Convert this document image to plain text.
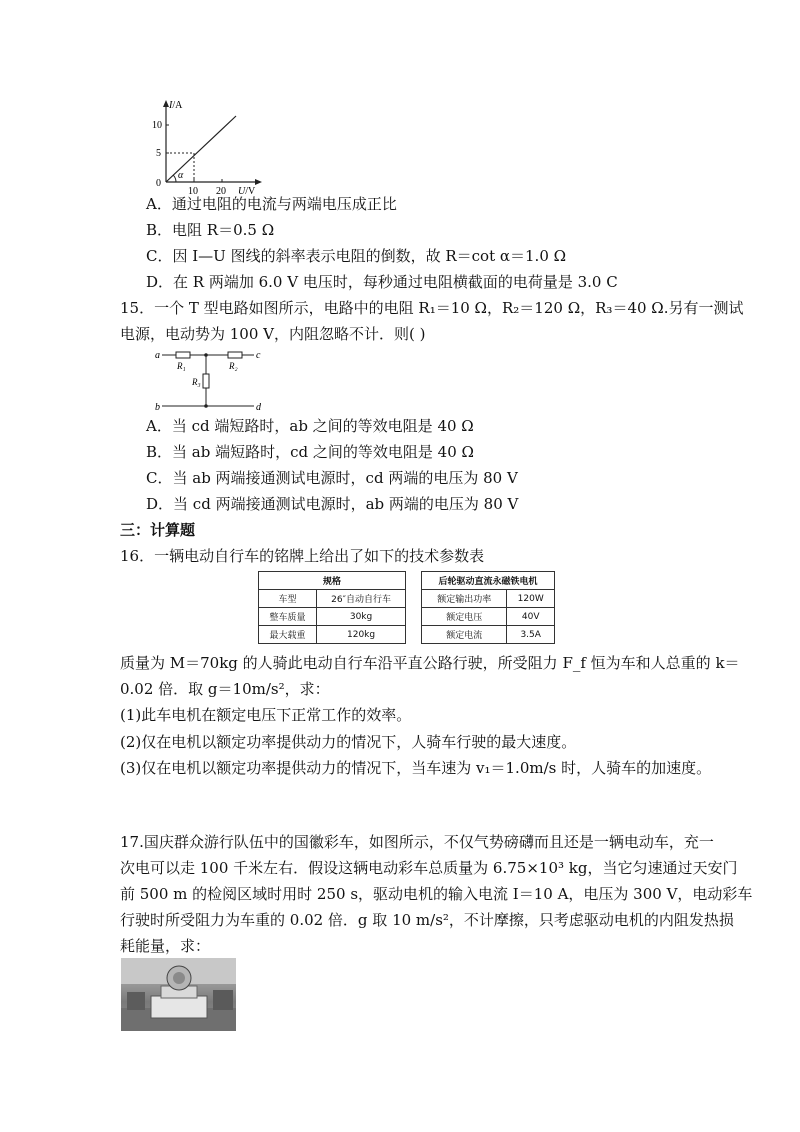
I/A
10
5
0
α
10 20 U/V
A．通过电阻的电流与两端电压成正比
B．电阻 R＝0.5 Ω
C．因 I—U 图线的斜率表示电阻的倒数，故 R＝cot α＝1.0 Ω
D．在 R 两端加 6.0 V 电压时，每秒通过电阻横截面的电荷量是 3.0 C
15．一个 T 型电路如图所示，电路中的电阻 R₁＝10 Ω，R₂＝120 Ω，R₃＝40 Ω.另有一测试
电源，电动势为 100 V，内阻忽略不计．则( )
a	c
b	d
R₁	R₂
R₃
A．当 cd 端短路时，ab 之间的等效电阻是 40 Ω
B．当 ab 端短路时，cd 之间的等效电阻是 40 Ω
C．当 ab 两端接通测试电源时，cd 两端的电压为 80 V
D．当 cd 两端接通测试电源时，ab 两端的电压为 80 V
三：计算题
16．一辆电动自行车的铭牌上给出了如下的技术参数表
规格	
车型	26″自动自行车
整车质量	30kg
最大载重	120kg
后轮驱动直流永磁铁电机	
额定输出功率	120W
额定电压	40V
额定电流	3.5A
质量为 M＝70kg 的人骑此电动自行车沿平直公路行驶，所受阻力 F_f 恒为车和人总重的 k＝
0.02 倍．取 g＝10m/s²，求：
(1)此车电机在额定电压下正常工作的效率。
(2)仅在电机以额定功率提供动力的情况下，人骑车行驶的最大速度。
(3)仅在电机以额定功率提供动力的情况下，当车速为 v₁＝1.0m/s 时，人骑车的加速度。
17.国庆群众游行队伍中的国徽彩车，如图所示，不仅气势磅礴而且还是一辆电动车，充一
次电可以走 100 千米左右．假设这辆电动彩车总质量为 6.75×10³ kg，当它匀速通过天安门
前 500 m 的检阅区域时用时 250 s，驱动电机的输入电流 I＝10 A，电压为 300 V，电动彩车
行驶时所受阻力为车重的 0.02 倍．g 取 10 m/s²，不计摩擦，只考虑驱动电机的内阻发热损
耗能量，求：
